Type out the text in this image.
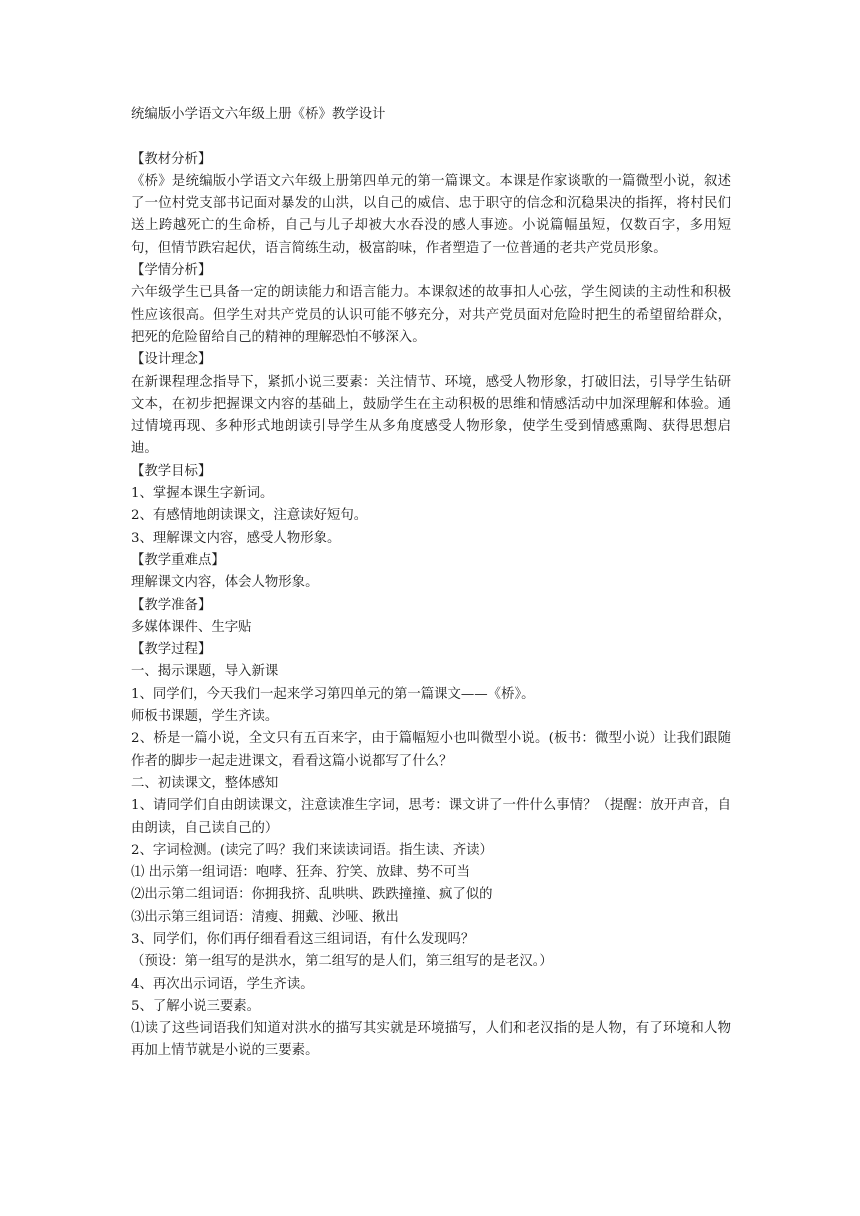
统编版小学语文六年级上册《桥》教学设计

【教材分析】

《桥》是统编版小学语文六年级上册第四单元的第一篇课文。本课是作家谈歌的一篇微型小说，叙述了一位村党支部书记面对暴发的山洪，以自己的威信、忠于职守的信念和沉稳果决的指挥，将村民们送上跨越死亡的生命桥，自己与儿子却被大水吞没的感人事迹。小说篇幅虽短，仅数百字，多用短句，但情节跌宕起伏，语言简练生动，极富韵味，作者塑造了一位普通的老共产党员形象。

【学情分析】

六年级学生已具备一定的朗读能力和语言能力。本课叙述的故事扣人心弦，学生阅读的主动性和积极性应该很高。但学生对共产党员的认识可能不够充分，对共产党员面对危险时把生的希望留给群众，把死的危险留给自己的精神的理解恐怕不够深入。

【设计理念】

在新课程理念指导下，紧抓小说三要素：关注情节、环境，感受人物形象，打破旧法，引导学生钻研文本，在初步把握课文内容的基础上，鼓励学生在主动积极的思维和情感活动中加深理解和体验。通过情境再现、多种形式地朗读引导学生从多角度感受人物形象，使学生受到情感熏陶、获得思想启迪。

【教学目标】

1、掌握本课生字新词。

2、有感情地朗读课文，注意读好短句。

3、理解课文内容，感受人物形象。

【教学重难点】

理解课文内容，体会人物形象。

【教学准备】

多媒体课件、生字贴

【教学过程】

一、揭示课题，导入新课

1、同学们，今天我们一起来学习第四单元的第一篇课文——《桥》。

师板书课题，学生齐读。

2、桥是一篇小说，全文只有五百来字，由于篇幅短小也叫微型小说。(板书：微型小说）让我们跟随作者的脚步一起走进课文，看看这篇小说都写了什么？

二、初读课文，整体感知

1、请同学们自由朗读课文，注意读准生字词，思考：课文讲了一件什么事情？（提醒：放开声音，自由朗读，自己读自己的）

2、字词检测。(读完了吗？我们来读读词语。指生读、齐读）

⑴ 出示第一组词语：咆哮、狂奔、狞笑、放肆、势不可当

⑵出示第二组词语：你拥我挤、乱哄哄、跌跌撞撞、疯了似的

⑶出示第三组词语：清瘦、拥戴、沙哑、揪出

3、同学们，你们再仔细看看这三组词语，有什么发现吗？

（预设：第一组写的是洪水，第二组写的是人们，第三组写的是老汉。）

4、再次出示词语，学生齐读。

5、了解小说三要素。

⑴读了这些词语我们知道对洪水的描写其实就是环境描写，人们和老汉指的是人物，有了环境和人物再加上情节就是小说的三要素。
